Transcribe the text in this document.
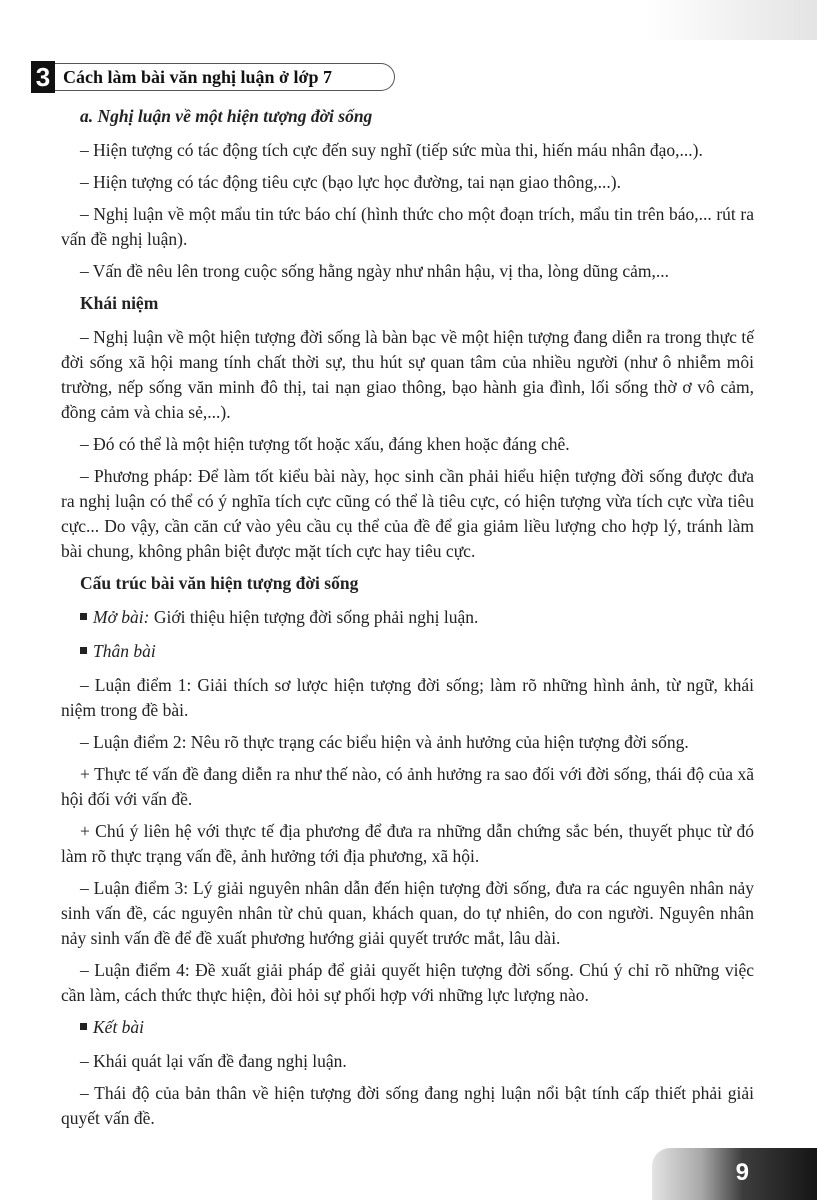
3 Cách làm bài văn nghị luận ở lớp 7

a. Nghị luận về một hiện tượng đời sống

– Hiện tượng có tác động tích cực đến suy nghĩ (tiếp sức mùa thi, hiến máu nhân đạo,...).

– Hiện tượng có tác động tiêu cực (bạo lực học đường, tai nạn giao thông,...).

– Nghị luận về một mẩu tin tức báo chí (hình thức cho một đoạn trích, mẩu tin trên báo,... rút ra vấn đề nghị luận).

– Vấn đề nêu lên trong cuộc sống hằng ngày như nhân hậu, vị tha, lòng dũng cảm,...

Khái niệm

– Nghị luận về một hiện tượng đời sống là bàn bạc về một hiện tượng đang diễn ra trong thực tế đời sống xã hội mang tính chất thời sự, thu hút sự quan tâm của nhiều người (như ô nhiễm môi trường, nếp sống văn minh đô thị, tai nạn giao thông, bạo hành gia đình, lối sống thờ ơ vô cảm, đồng cảm và chia sẻ,...).

– Đó có thể là một hiện tượng tốt hoặc xấu, đáng khen hoặc đáng chê.

– Phương pháp: Để làm tốt kiểu bài này, học sinh cần phải hiểu hiện tượng đời sống được đưa ra nghị luận có thể có ý nghĩa tích cực cũng có thể là tiêu cực, có hiện tượng vừa tích cực vừa tiêu cực... Do vậy, cần căn cứ vào yêu cầu cụ thể của đề để gia giảm liều lượng cho hợp lý, tránh làm bài chung, không phân biệt được mặt tích cực hay tiêu cực.

Cấu trúc bài văn hiện tượng đời sống

Mở bài: Giới thiệu hiện tượng đời sống phải nghị luận.

Thân bài

– Luận điểm 1: Giải thích sơ lược hiện tượng đời sống; làm rõ những hình ảnh, từ ngữ, khái niệm trong đề bài.

– Luận điểm 2: Nêu rõ thực trạng các biểu hiện và ảnh hưởng của hiện tượng đời sống.

+ Thực tế vấn đề đang diễn ra như thế nào, có ảnh hưởng ra sao đối với đời sống, thái độ của xã hội đối với vấn đề.

+ Chú ý liên hệ với thực tế địa phương để đưa ra những dẫn chứng sắc bén, thuyết phục từ đó làm rõ thực trạng vấn đề, ảnh hưởng tới địa phương, xã hội.

– Luận điểm 3: Lý giải nguyên nhân dẫn đến hiện tượng đời sống, đưa ra các nguyên nhân nảy sinh vấn đề, các nguyên nhân từ chủ quan, khách quan, do tự nhiên, do con người. Nguyên nhân nảy sinh vấn đề để đề xuất phương hướng giải quyết trước mắt, lâu dài.

– Luận điểm 4: Đề xuất giải pháp để giải quyết hiện tượng đời sống. Chú ý chỉ rõ những việc cần làm, cách thức thực hiện, đòi hỏi sự phối hợp với những lực lượng nào.

Kết bài

– Khái quát lại vấn đề đang nghị luận.

– Thái độ của bản thân về hiện tượng đời sống đang nghị luận nổi bật tính cấp thiết phải giải quyết vấn đề.

9
